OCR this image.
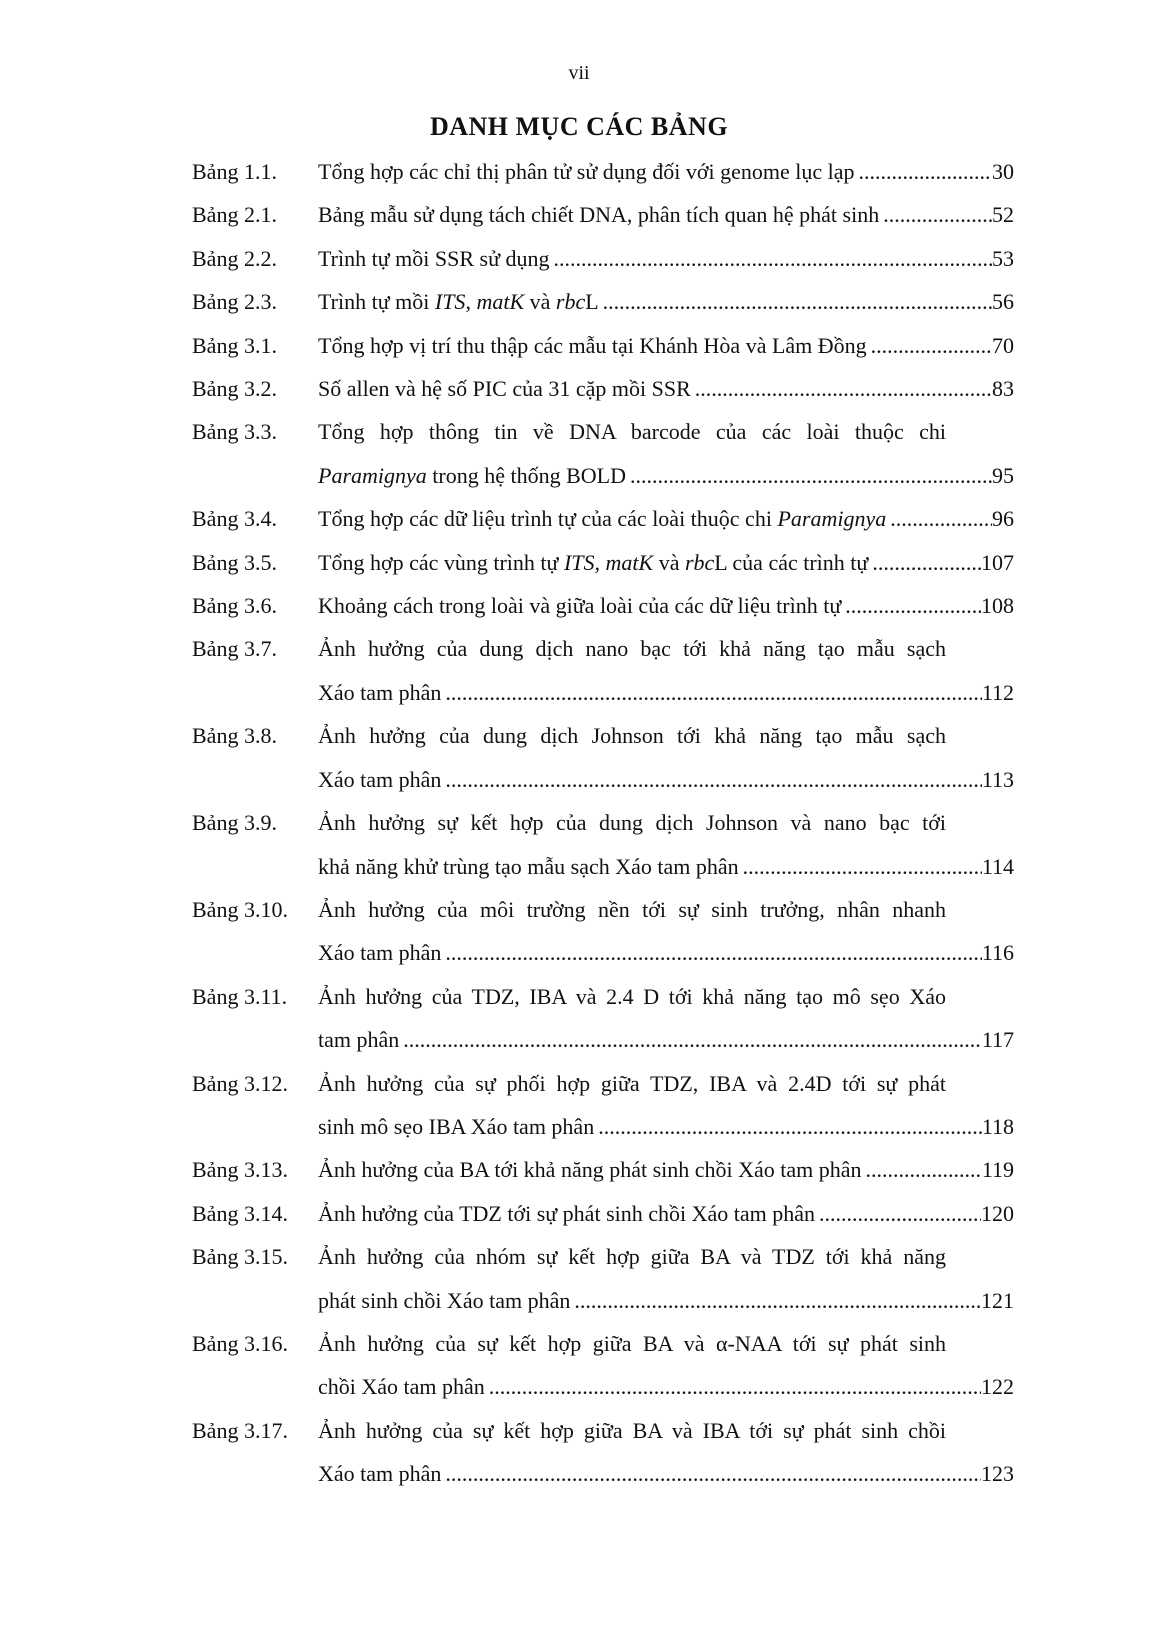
vii
DANH MỤC CÁC BẢNG
Bảng 1.1.	Tổng hợp các chỉ thị phân tử sử dụng đối với genome lục lạp .....	30
Bảng 2.1.	Bảng mẫu sử dụng tách chiết DNA, phân tích quan hệ phát sinh .....	52
Bảng 2.2.	Trình tự mồi SSR sử dụng .....	53
Bảng 2.3.	Trình tự mồi ITS, matK và rbcL .....	56
Bảng 3.1.	Tổng hợp vị trí thu thập các mẫu tại Khánh Hòa và Lâm Đồng .....	70
Bảng 3.2.	Số allen và hệ số PIC của 31 cặp mồi SSR .....	83
Bảng 3.3.	Tổng hợp thông tin về DNA barcode của các loài thuộc chi
Paramignya trong hệ thống BOLD .....	95
Bảng 3.4.	Tổng hợp các dữ liệu trình tự của các loài thuộc chi Paramignya .....	96
Bảng 3.5.	Tổng hợp các vùng trình tự ITS, matK và rbcL của các trình tự .....	107
Bảng 3.6.	Khoảng cách trong loài và giữa loài của các dữ liệu trình tự .....	108
Bảng 3.7.	Ảnh hưởng của dung dịch nano bạc tới khả năng tạo mẫu sạch
Xáo tam phân .....	112
Bảng 3.8.	Ảnh hưởng của dung dịch Johnson tới khả năng tạo mẫu sạch
Xáo tam phân .....	113
Bảng 3.9.	Ảnh hưởng sự kết hợp của dung dịch Johnson và nano bạc tới
khả năng khử trùng tạo mẫu sạch Xáo tam phân .....	114
Bảng 3.10.	Ảnh hưởng của môi trường nền tới sự sinh trưởng, nhân nhanh
Xáo tam phân .....	116
Bảng 3.11.	Ảnh hưởng của TDZ, IBA và 2.4 D tới khả năng tạo mô sẹo Xáo
tam phân .....	117
Bảng 3.12.	Ảnh hưởng của sự phối hợp giữa TDZ, IBA và 2.4D tới sự phát
sinh mô sẹo IBA Xáo tam phân .....	118
Bảng 3.13.	Ảnh hưởng của BA tới khả năng phát sinh chồi Xáo tam phân .....	119
Bảng 3.14.	Ảnh hưởng của TDZ tới sự phát sinh chồi Xáo tam phân .....	120
Bảng 3.15.	Ảnh hưởng của nhóm sự kết hợp giữa BA và TDZ tới khả năng
phát sinh chồi Xáo tam phân .....	121
Bảng 3.16.	Ảnh hưởng của sự kết hợp giữa BA và α-NAA tới sự phát sinh
chồi Xáo tam phân .....	122
Bảng 3.17.	Ảnh hưởng của sự kết hợp giữa BA và IBA tới sự phát sinh chồi
Xáo tam phân .....	123
